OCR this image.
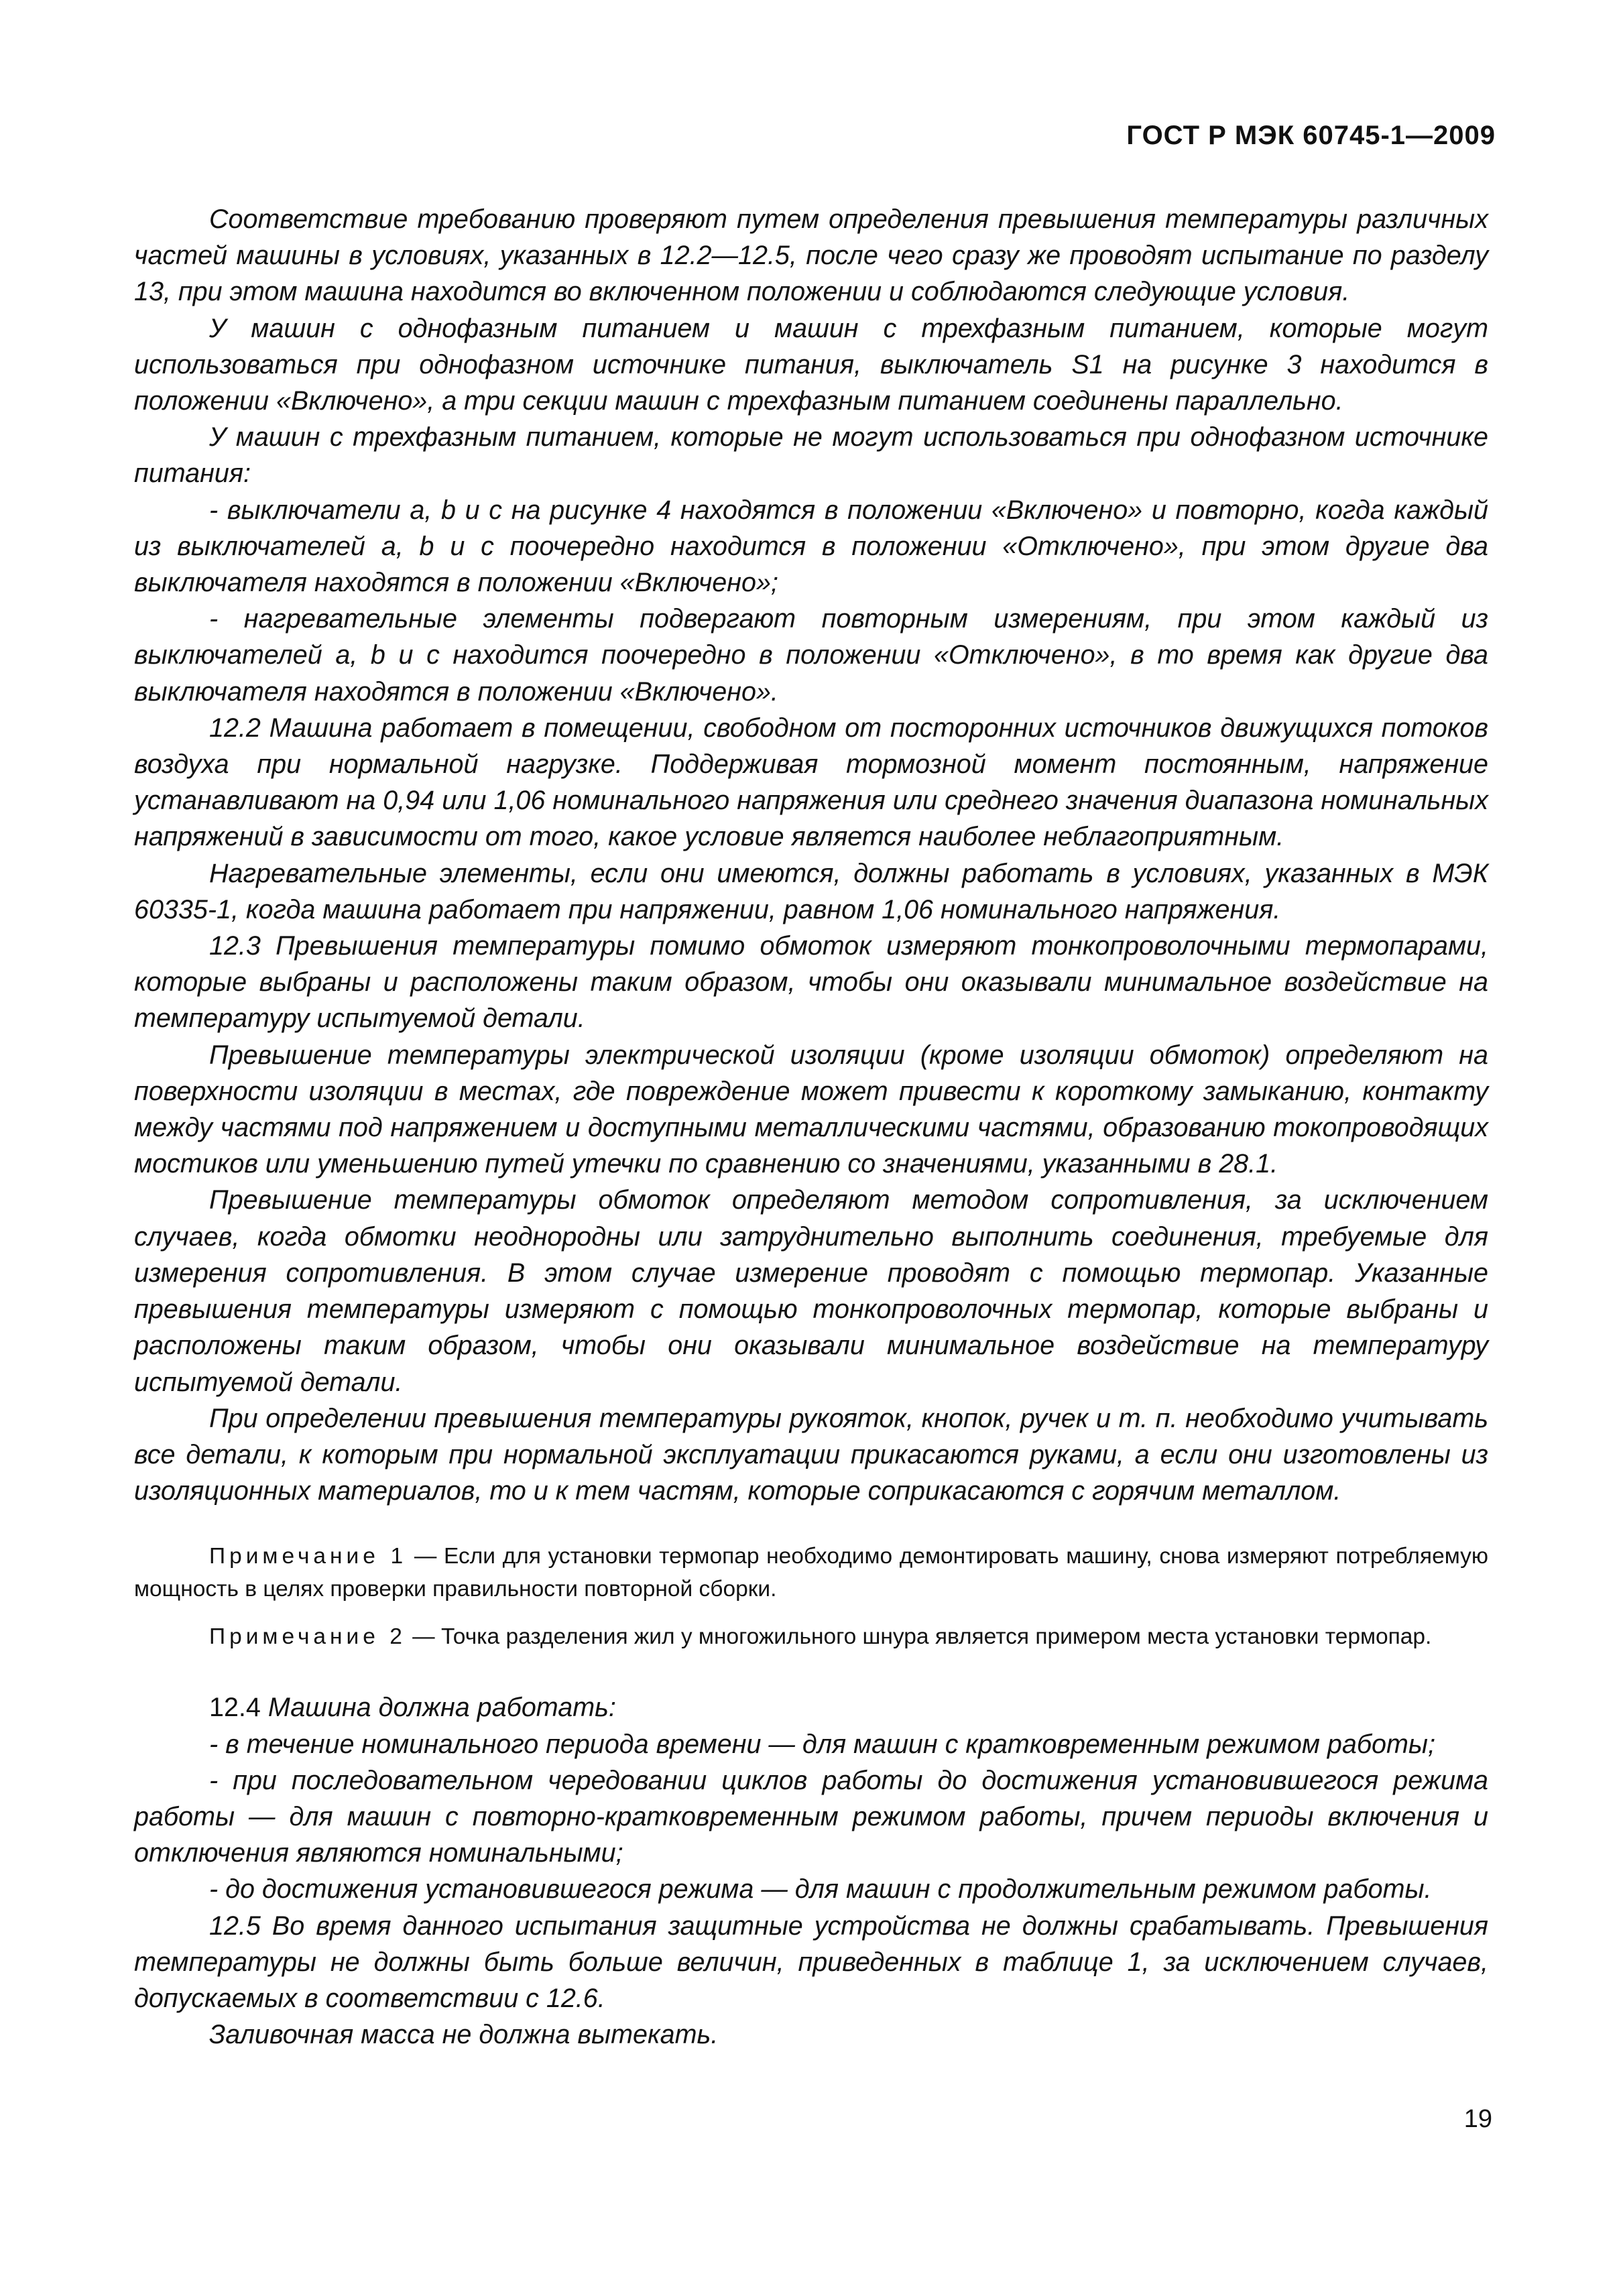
ГОСТ Р МЭК 60745-1—2009

Соответствие требованию проверяют путем определения превышения температуры различных частей машины в условиях, указанных в 12.2—12.5, после чего сразу же проводят испытание по разделу 13, при этом машина находится во включенном положении и соблюдаются следующие условия.

У машин с однофазным питанием и машин с трехфазным питанием, которые могут использоваться при однофазном источнике питания, выключатель S1 на рисунке 3 находится в положении «Включено», а три секции машин с трехфазным питанием соединены параллельно.

У машин с трехфазным питанием, которые не могут использоваться при однофазном источнике питания:

- выключатели a, b и c на рисунке 4 находятся в положении «Включено» и повторно, когда каждый из выключателей a, b и c поочередно находится в положении «Отключено», при этом другие два выключателя находятся в положении «Включено»;

- нагревательные элементы подвергают повторным измерениям, при этом каждый из выключателей a, b и c находится поочередно в положении «Отключено», в то время как другие два выключателя находятся в положении «Включено».

12.2 Машина работает в помещении, свободном от посторонних источников движущихся потоков воздуха при нормальной нагрузке. Поддерживая тормозной момент постоянным, напряжение устанавливают на 0,94 или 1,06 номинального напряжения или среднего значения диапазона номинальных напряжений в зависимости от того, какое условие является наиболее неблагоприятным.

Нагревательные элементы, если они имеются, должны работать в условиях, указанных в МЭК 60335-1, когда машина работает при напряжении, равном 1,06 номинального напряжения.

12.3 Превышения температуры помимо обмоток измеряют тонкопроволочными термопарами, которые выбраны и расположены таким образом, чтобы они оказывали минимальное воздействие на температуру испытуемой детали.

Превышение температуры электрической изоляции (кроме изоляции обмоток) определяют на поверхности изоляции в местах, где повреждение может привести к короткому замыканию, контакту между частями под напряжением и доступными металлическими частями, образованию токопроводящих мостиков или уменьшению путей утечки по сравнению со значениями, указанными в 28.1.

Превышение температуры обмоток определяют методом сопротивления, за исключением случаев, когда обмотки неоднородны или затруднительно выполнить соединения, требуемые для измерения сопротивления. В этом случае измерение проводят с помощью термопар. Указанные превышения температуры измеряют с помощью тонкопроволочных термопар, которые выбраны и расположены таким образом, чтобы они оказывали минимальное воздействие на температуру испытуемой детали.

При определении превышения температуры рукояток, кнопок, ручек и т. п. необходимо учитывать все детали, к которым при нормальной эксплуатации прикасаются руками, а если они изготовлены из изоляционных материалов, то и к тем частям, которые соприкасаются с горячим металлом.

Примечание 1 — Если для установки термопар необходимо демонтировать машину, снова измеряют потребляемую мощность в целях проверки правильности повторной сборки.

Примечание 2 — Точка разделения жил у многожильного шнура является примером места установки термопар.

12.4 Машина должна работать:

- в течение номинального периода времени — для машин с кратковременным режимом работы;

- при последовательном чередовании циклов работы до достижения установившегося режима работы — для машин с повторно-кратковременным режимом работы, причем периоды включения и отключения являются номинальными;

- до достижения установившегося режима — для машин с продолжительным режимом работы.

12.5 Во время данного испытания защитные устройства не должны срабатывать. Превышения температуры не должны быть больше величин, приведенных в таблице 1, за исключением случаев, допускаемых в соответствии с 12.6.

Заливочная масса не должна вытекать.

19
